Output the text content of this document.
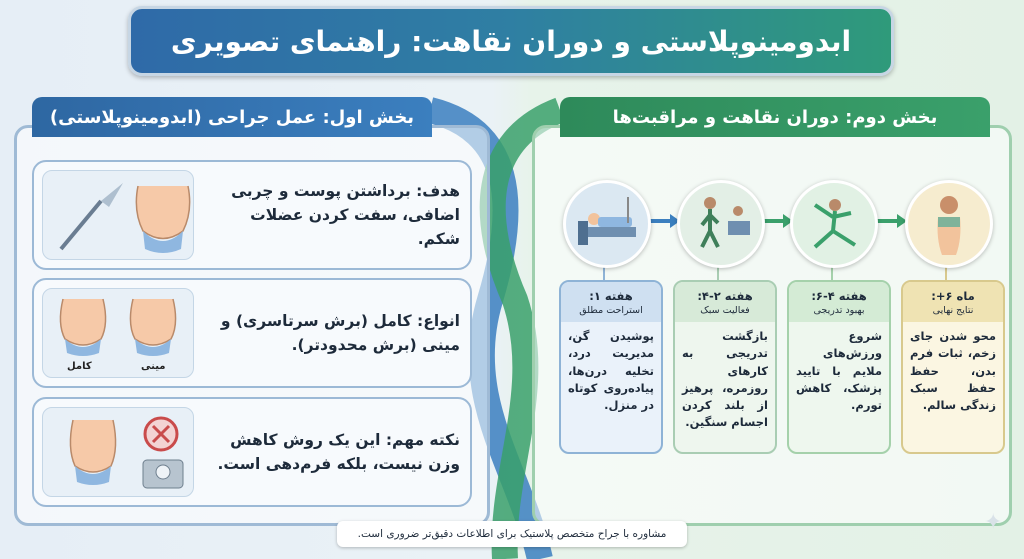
ابدومینوپلاستی و دوران نقاهت: راهنمای تصویری
بخش اول: عمل جراحی (ابدومینوپلاستی)	بخش دوم: دوران نقاهت و مراقبت‌ها
هدف: برداشتن پوست و چربی اضافی، سفت کردن عضلات شکم.
کامل	مینی
انواع: کامل (برش سرتاسری) و مینی (برش محدودتر).
نکته مهم: این یک روش کاهش وزن نیست، بلکه فرم‌دهی است.
هفته ۱:
استراحت مطلق
پوشیدن گن، مدیریت درد، تخلیه درن‌ها، پیاده‌روی کوتاه در منزل.
هفته ۲-۴:
فعالیت سبک
بازگشت تدریجی به کارهای روزمره، پرهیز از بلند کردن اجسام سنگین.
هفته ۴-۶:
بهبود تدریجی
شروع ورزش‌های ملایم با تایید پزشک، کاهش تورم.
ماه ۶+:
نتایج نهایی
محو شدن جای زخم، ثبات فرم بدن، حفظ حفظ سبک زندگی سالم.
مشاوره با جراح متخصص پلاستیک برای اطلاعات دقیق‌تر ضروری است.	✦
